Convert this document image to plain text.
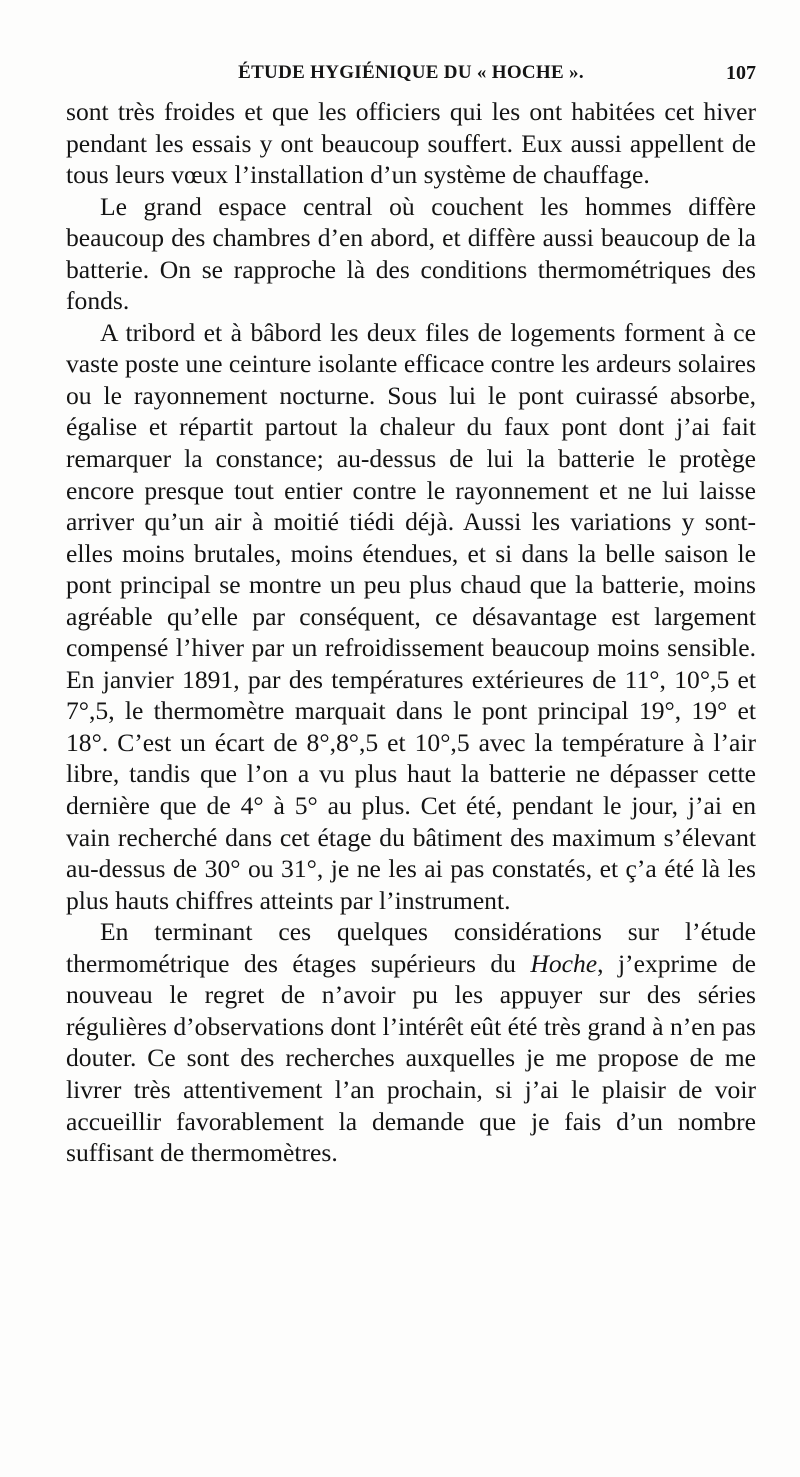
ÉTUDE HYGIÉNIQUE DU « HOCHE ».	107

sont très froides et que les officiers qui les ont habitées cet hiver pendant les essais y ont beaucoup souffert. Eux aussi appellent de tous leurs vœux l’installation d’un système de chauffage.

Le grand espace central où couchent les hommes diffère beaucoup des chambres d’en abord, et diffère aussi beaucoup de la batterie. On se rapproche là des conditions thermométriques des fonds.

A tribord et à bâbord les deux files de logements forment à ce vaste poste une ceinture isolante efficace contre les ardeurs solaires ou le rayonnement nocturne. Sous lui le pont cuirassé absorbe, égalise et répartit partout la chaleur du faux pont dont j’ai fait remarquer la constance; au-dessus de lui la batterie le protège encore presque tout entier contre le rayonnement et ne lui laisse arriver qu’un air à moitié tiédi déjà. Aussi les variations y sont-elles moins brutales, moins étendues, et si dans la belle saison le pont principal se montre un peu plus chaud que la batterie, moins agréable qu’elle par conséquent, ce désavantage est largement compensé l’hiver par un refroidissement beaucoup moins sensible. En janvier 1891, par des températures extérieures de 11°, 10°,5 et 7°,5, le thermomètre marquait dans le pont principal 19°, 19° et 18°. C’est un écart de 8°,8°,5 et 10°,5 avec la température à l’air libre, tandis que l’on a vu plus haut la batterie ne dépasser cette dernière que de 4° à 5° au plus. Cet été, pendant le jour, j’ai en vain recherché dans cet étage du bâtiment des maximum s’élevant au-dessus de 30° ou 31°, je ne les ai pas constatés, et ç’a été là les plus hauts chiffres atteints par l’instrument.

En terminant ces quelques considérations sur l’étude thermométrique des étages supérieurs du Hoche, j’exprime de nouveau le regret de n’avoir pu les appuyer sur des séries régulières d’observations dont l’intérêt eût été très grand à n’en pas douter. Ce sont des recherches auxquelles je me propose de me livrer très attentivement l’an prochain, si j’ai le plaisir de voir accueillir favorablement la demande que je fais d’un nombre suffisant de thermomètres.
